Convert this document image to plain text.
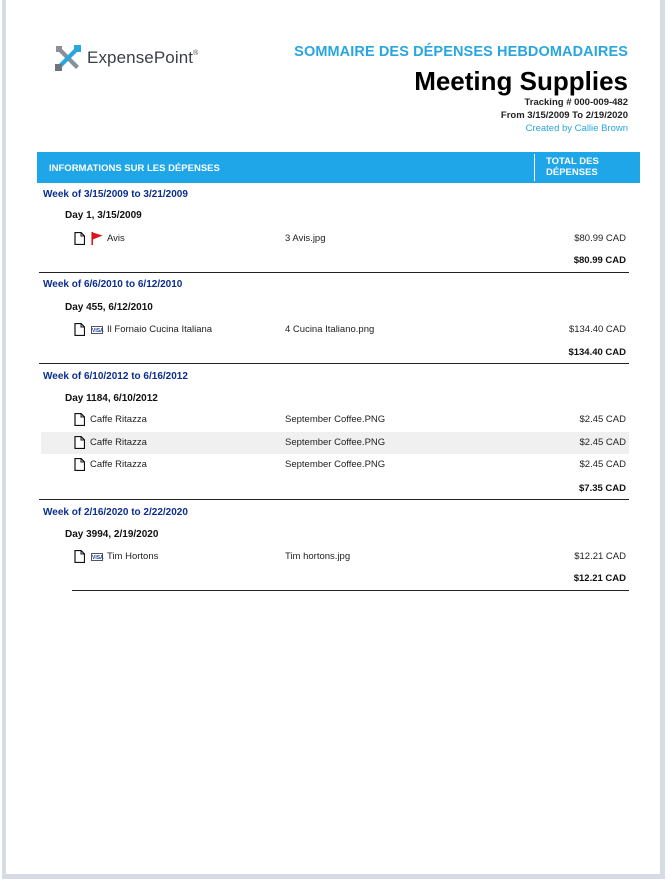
ExpensePoint®	SOMMAIRE DES DÉPENSES HEBDOMADAIRES
Meeting Supplies
Tracking # 000-009-482
From 3/15/2009 To 2/19/2020
Created by Callie Brown
INFORMATIONS SUR LES DÉPENSES
TOTAL DES
DÉPENSES
Week of 3/15/2009 to 3/21/2009
Day 1, 3/15/2009
Avis	3 Avis.jpg	$80.99 CAD
$80.99 CAD
Week of 6/6/2010 to 6/12/2010
Day 455, 6/12/2010
VISA Il Fornaio Cucina Italiana	4 Cucina Italiano.png	$134.40 CAD
$134.40 CAD
Week of 6/10/2012 to 6/16/2012
Day 1184, 6/10/2012
Caffe Ritazza	September Coffee.PNG	$2.45 CAD
Caffe Ritazza	September Coffee.PNG	$2.45 CAD
Caffe Ritazza	September Coffee.PNG	$2.45 CAD
$7.35 CAD
Week of 2/16/2020 to 2/22/2020
Day 3994, 2/19/2020
VISA Tim Hortons	Tim hortons.jpg	$12.21 CAD
$12.21 CAD
